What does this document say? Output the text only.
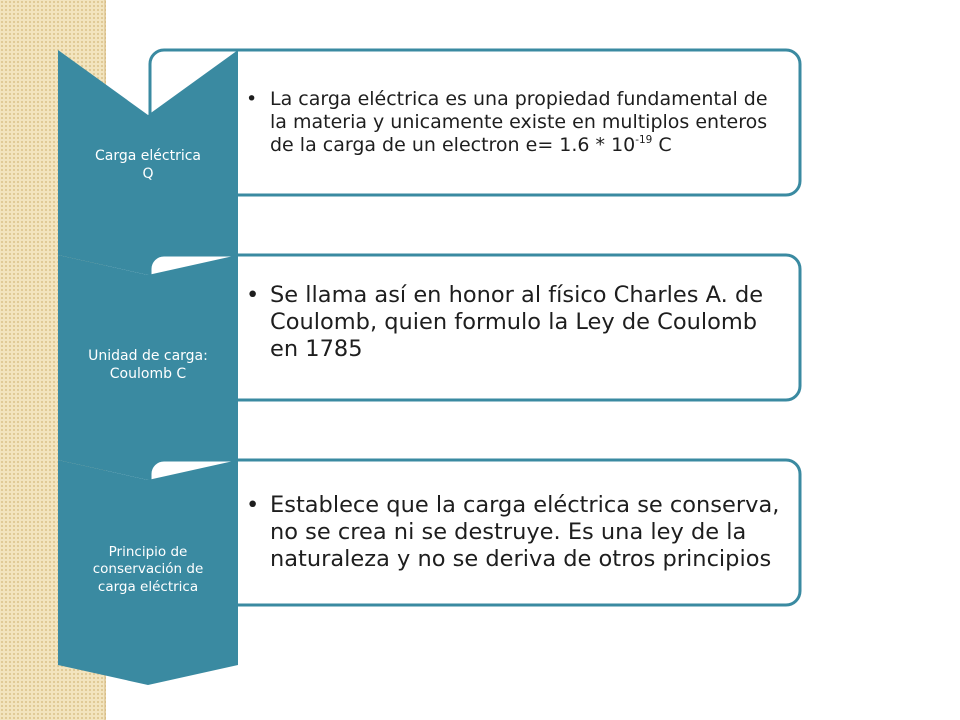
Carga eléctrica
Q
Unidad de carga:
Coulomb C
Principio de conservación de carga eléctrica
• La carga eléctrica es una propiedad fundamental de la materia y unicamente existe en multiplos enteros de la carga de un electron $e= 1.6 * 10^{-19}$ C
• Se llama así en honor al físico Charles A. de Coulomb, quien formulo la Ley de Coulomb en 1785
• Establece que la carga eléctrica se conserva, no se crea ni se destruye. Es una ley de la naturaleza y no se deriva de otros principios
